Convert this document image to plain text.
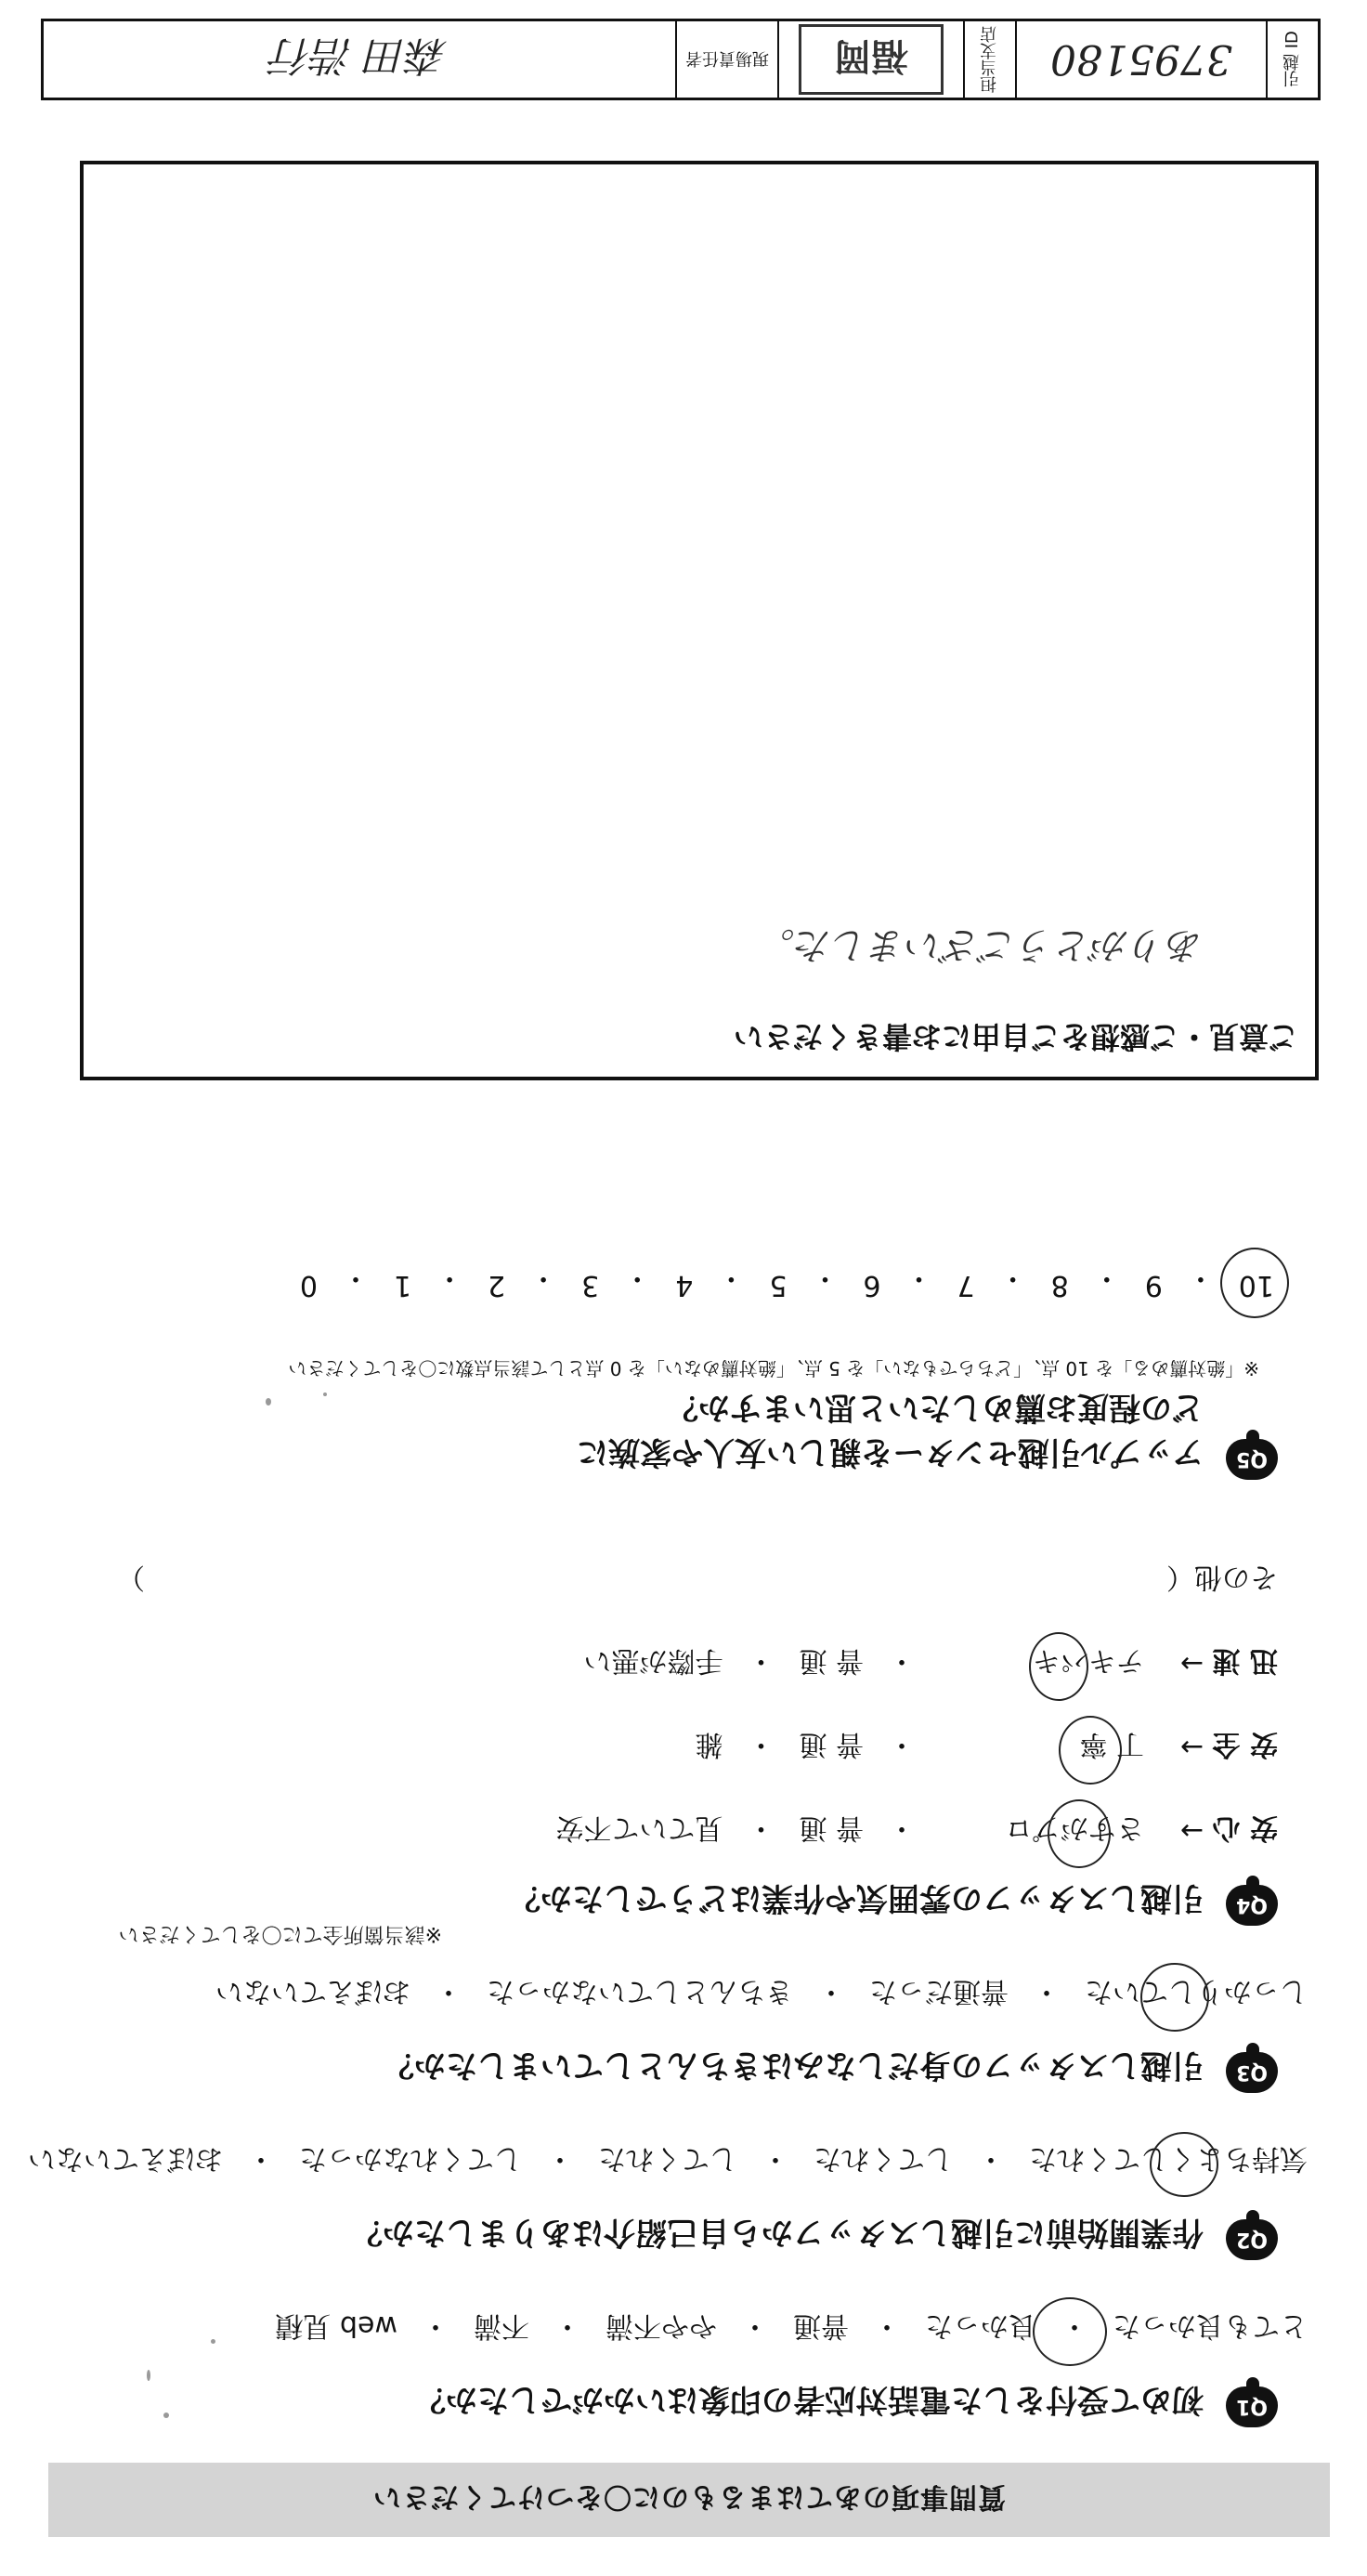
質問事項のあてはまるものに〇をつけてください
Q1
初めて受付をした電話対応者の印象はいかがでしたか？
とても良かった
・
良かった
・
普通
・
やや不満
・
不満
・
web 見積
Q2
作業開始前に引越しスタッフから自己紹介はありましたか？
気持ちよくしてくれた
・
してくれた
・
してくれた
・
してくれなかった
・
おぼえていない
Q3
引越しスタッフの身だしなみはきちんとしていましたか？
しっかりしていた
・
普通だった
・
きちんとしていなかった
・
おぼえていない
Q4
引越しスタッフの雰囲気や作業はどうでしたか？
※該当箇所全てに〇をしてください
安 心
→
さすがプロ
・
普 通
・
見ていて不安
安 全
→
丁 寧
・
普 通
・
雑
迅 速
→
テキパキ
・
普 通
・
手際が悪い
その他（
）
Q5
アップル引越センターを親しい友人や家族に
どの程度お薦めしたいと思いますか？
※「絶対薦める」を 10 点、「どちらでもない」を 5 点、「絶対薦めない」を 0 点として該当点数に〇をしてください
10
・
9
・
8
・
7
・
6
・
5
・
4
・
3
・
2
・
1
・
0
ご意見・ご感想をご自由にお書きください
ありがとうございました。
引越 ID
3795180
担当支店
福岡
現場責任者
森田 浩行
